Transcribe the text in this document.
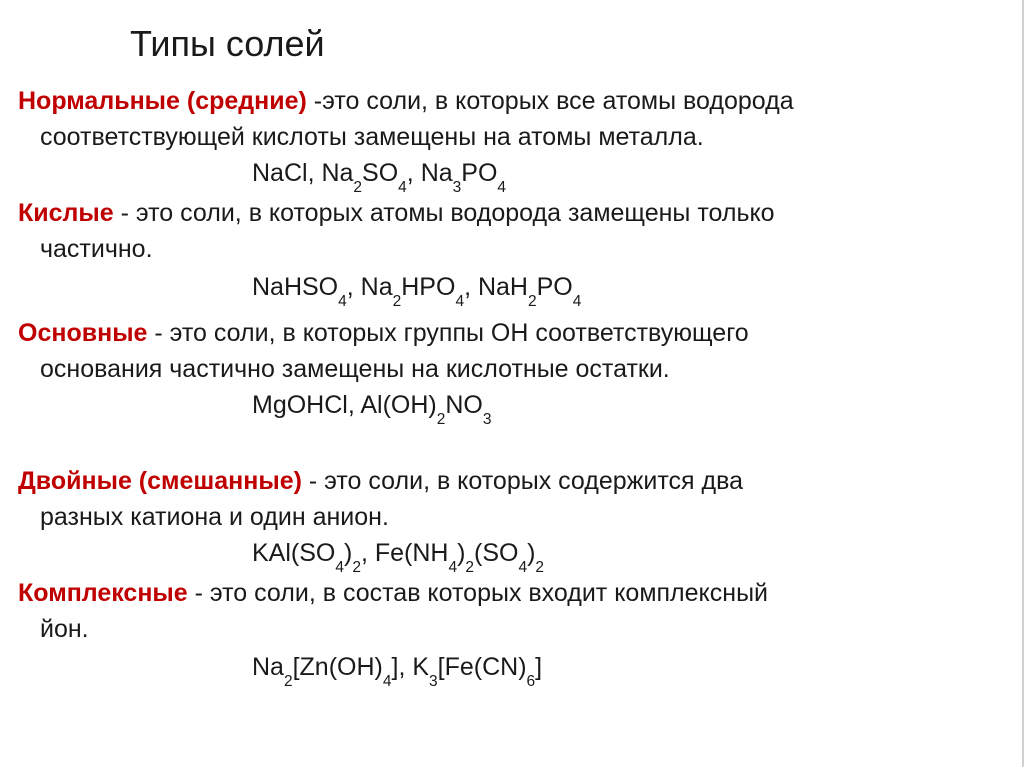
Типы солей
Нормальные (средние) -это соли, в которых все атомы водорода
соответствующей кислоты замещены на атомы металла.
NaCl, $Na_2SO_4$, $Na_3PO_4$
Кислые - это соли, в которых атомы водорода замещены только
частично.
NaHSO$_4$, $Na_2HPO_4$, $NaH_2PO_4$
Основные - это соли, в которых группы ОН соответствующего
основания частично замещены на кислотные остатки.
MgOHCl, $Al(OH)_2NO_3$
Двойные (смешанные) - это соли, в которых содержится два
разных катиона и один анион.
$KAl(SO_4)_2$, $Fe(NH_4)_2(SO_4)_2$
Комплексные - это соли, в состав которых входит комплексный
йон.
$Na_2[Zn(OH)_4]$, $K_3[Fe(CN)_6]$
